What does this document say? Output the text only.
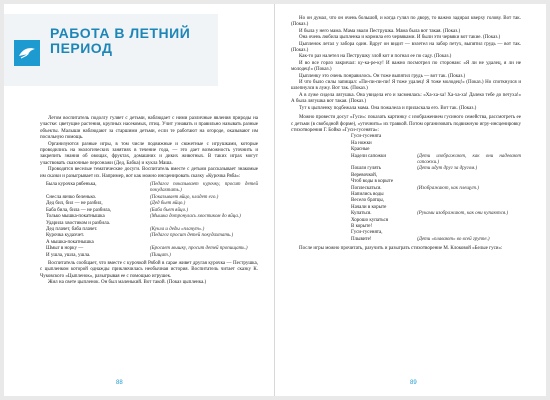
РАБОТА В ЛЕТНИЙ ПЕРИОД

Летом воспитатель подолгу гуляет с детьми, наблюдает с ними различные явления природы на участке: цветущие растения, крупных насекомых, птиц. Учит узнавать и правильно называть разные объекты. Малыши наблюдают за старшими детьми, если те работают на огороде, оказывают им посильную помощь.

Организуются разные игры, в том числе подвижные и сюжетные с игрушками, которые проводились на экологических занятиях в течение года, — это дает возможность уточнить и закрепить знания об овощах, фруктах, домашних и диких животных. В таких играх могут участвовать сказочные персонажи (Дед, Бабка) и кукла Маша.

Проводятся веселые тематические досуги. Воспитатель вместе с детьми рассказывает знакомые им сказки и разыгрывает их. Например, вот как можно инсценировать сказку «Курочка Ряба»:

Была курочка рябенька,	(Педагог показывает курочку, просит детей покудахтать.)
Снесла яичко беленько.	(Показывает яйцо, кладет его.)
Дед бил, бил — не разбил,	(Дед бьет яйцо.)
Баба била, била — не разбила,	(Баба бьет яйцо.)
Только мышка-покатнышка	(Мышка дотронулась хвостиком до яйца.)
Ударила хвостиком и разбила.
Дед плачет, баба плачет.	(Кукла и деды «плачут».)
Курочка кудахчет.	(Педагог просит детей покудахтать.)
А мышка-покатнышка
Шмыг в норку —	(Бросает мышку, просит детей пропищать.)
И ушла, ушла, ушла.	(Пищат.)

Воспитатель сообщает, что вместе с курочкой Рябой в сарае живет другая курочка — Пеструшка, с цыпленком которой однажды приключилась необычная история. Воспитатель читает сказку К. Чуковского «Цыпленок», разыгрывая ее с помощью игрушек.

Жил на свете цыпленок. Он был маленький. Вот такой. (Показ цыпленка.)

88

Но он думал, что он очень большой, и когда гулял по двору, то важно задирал кверху голову. Вот так. (Показ.)

И была у него мама. Мама звали Пеструшка. Мама была вот такая. (Показ.)

Она очень любила цыпленка и кормила его червяками. И были эти червяки вот такие. (Показ.)

Цыпленок летал у забора один. Вдруг он видит — взлетел на забор петух, выпятил грудь — вот так. (Показ.)

Как-то раз налетел на Пеструшку злой кот и погнал ее по саду. (Показ.)

И во все горло закричал: ку-ка-ре-ку! И важно посмотрел по сторонам: «Я ли не удалец, я ли не молодец!» (Показ.)

Цыпленку это очень понравилось. Он тоже выпятил грудь — вот так. (Показ.)

И что было силы запищал: «Пи-пи-пи-пи! Я тоже удалец! Я тоже молодец!» (Показ.) Но споткнулся и шлепнулся в лужу. Вот так. (Показ.)

А в луже сидела лягушка. Она увидела его и засмеялась: «Ха-ха-ха! Ха-ха-ха! Далеко тебе до петуха!» А была лягушка вот такая. (Показ.)

Тут к цыпленку подбежала мама. Она пожалела и приласкала его. Вот так. (Показ.)

Можно провести досуг «Гуси»: показать картинку с изображением гусиного семейства, рассмотреть ее с детьми (в свободной форме), «уточнить» их травкой. Потом организовать подвижную игру-инсценировку стихотворения Г. Бойко «Гуси-гусенята»:

Гуси-гусенята
На ножки
Красные
Надели сапожки	(Дети изображают, как они надевают сапожки.)
Пошли гулять	(Дети идут друг за другом.)
Веревочкой,
Чтоб воды в корыте
Поплескаться.	(Изображают, как плещут.)
Напились воды
Весело братцы,
Начали в корыте
Купаться.	(Руками изображают, как они купаются.)
Хорошо купаться
В корыте!
Гуси-гусенята,
Плывите!	(Дети «плавают» во всей группе.)

После игры можно прочитать, разучить и разыграть стихотворение М. Клоковой «Белые гуси»:

89
